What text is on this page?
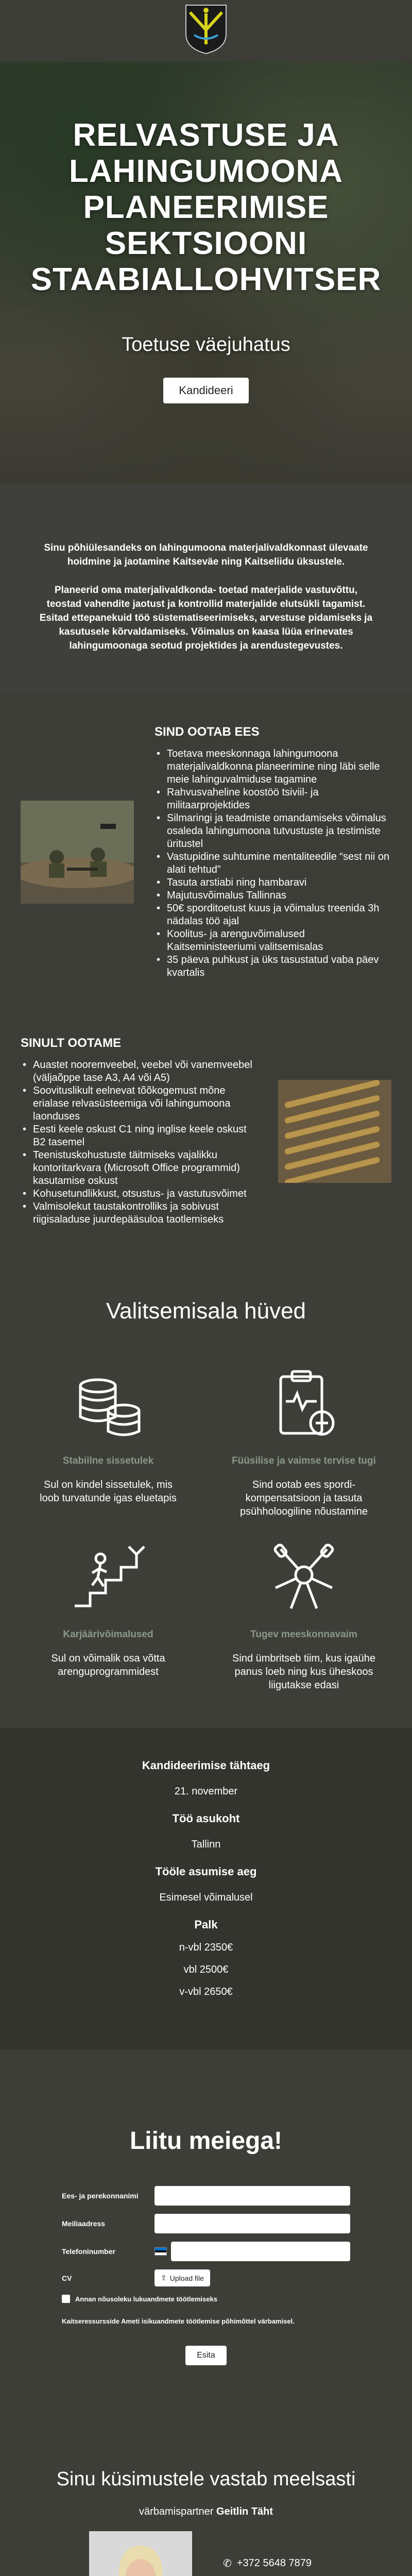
RELVASTUSE JA LAHINGUMOONA PLANEERIMISE SEKTSIOONI STAABIALLOHVITSER
Toetuse väejuhatus
Kandideeri

Sinu põhiülesandeks on lahingumoona materjalivaldkonnast ülevaate hoidmine ja jaotamine Kaitseväe ning Kaitseliidu üksustele.

Planeerid oma materjalivaldkonda- toetad materjalide vastuvõttu, teostad vahendite jaotust ja kontrollid materjalide elutsükli tagamist. Esitad ettepanekuid töö süstematiseerimiseks, arvestuse pidamiseks ja kasutusele kõrvaldamiseks. Võimalus on kaasa lüüa erinevates lahingumoonaga seotud projektides ja arendustegevustes.

SIND OOTAB EES
• Toetava meeskonnaga lahingumoona materjalivaldkonna planeerimine ning läbi selle meie lahinguvalmiduse tagamine
• Rahvusvaheline koostöö tsiviil- ja militaarprojektides
• Silmaringi ja teadmiste omandamiseks võimalus osaleda lahingumoona tutvustuste ja testimiste üritustel
• Vastupidine suhtumine mentaliteedile “sest nii on alati tehtud”
• Tasuta arstiabi ning hambaravi
• Majutusvõimalus Tallinnas
• 50€ sporditoetust kuus ja võimalus treenida 3h nädalas töö ajal
• Koolitus- ja arenguvõimalused Kaitseministeeriumi valitsemisalas
• 35 päeva puhkust ja üks tasustatud vaba päev kvartalis
SINULT OOTAME
• Auastet nooremveebel, veebel või vanemveebel (väljaõppe tase A3, A4 või A5)
• Soovituslikult eelnevat tõõkogemust mõne erialase relvasüsteemiga või lahingumoona laonduses
• Eesti keele oskust C1 ning inglise keele oskust B2 tasemel
• Teenistuskohustuste täitmiseks vajalikku kontoritarkvara (Microsoft Office programmid) kasutamise oskust
• Kohusetundlikkust, otsustus- ja vastutusvõimet
• Valmisolekut taustakontrolliks ja sobivust riigisaladuse juurdepääsuloa taotlemiseks
Valitsemisala hüved
Stabiilne sissetulek
Sul on kindel sissetulek, mis loob turvatunde igas eluetapis
Füüsilise ja vaimse tervise tugi
Sind ootab ees spordi-kompensatsioon ja tasuta psühholoogiline nõustamine
Karjäärivõimalused
Sul on võimalik osa võtta arenguprogrammidest
Tugev meeskonnavaim
Sind ümbritseb tiim, kus igaühe panus loeb ning kus üheskoos liigutakse edasi
Kandideerimise tähtaeg
21. november
Töö asukoht
Tallinn
Tööle asumise aeg
Esimesel võimalusel
Palk
n-vbl 2350€
vbl 2500€
v-vbl 2650€
Liitu meiega!
Ees- ja perekonnanimi
Meiliaadress
Telefoninumber
CV	⇪ Upload file
Annan nõusoleku lukuandmete töötlemiseks
Kaitseressursside Ameti isikuandmete töötlemise põhimõttel värbamisel.
Esita
Sinu küsimustele vastab meelsasti
värbamispartner Geitlin Täht
✆ +372 5648 7879
